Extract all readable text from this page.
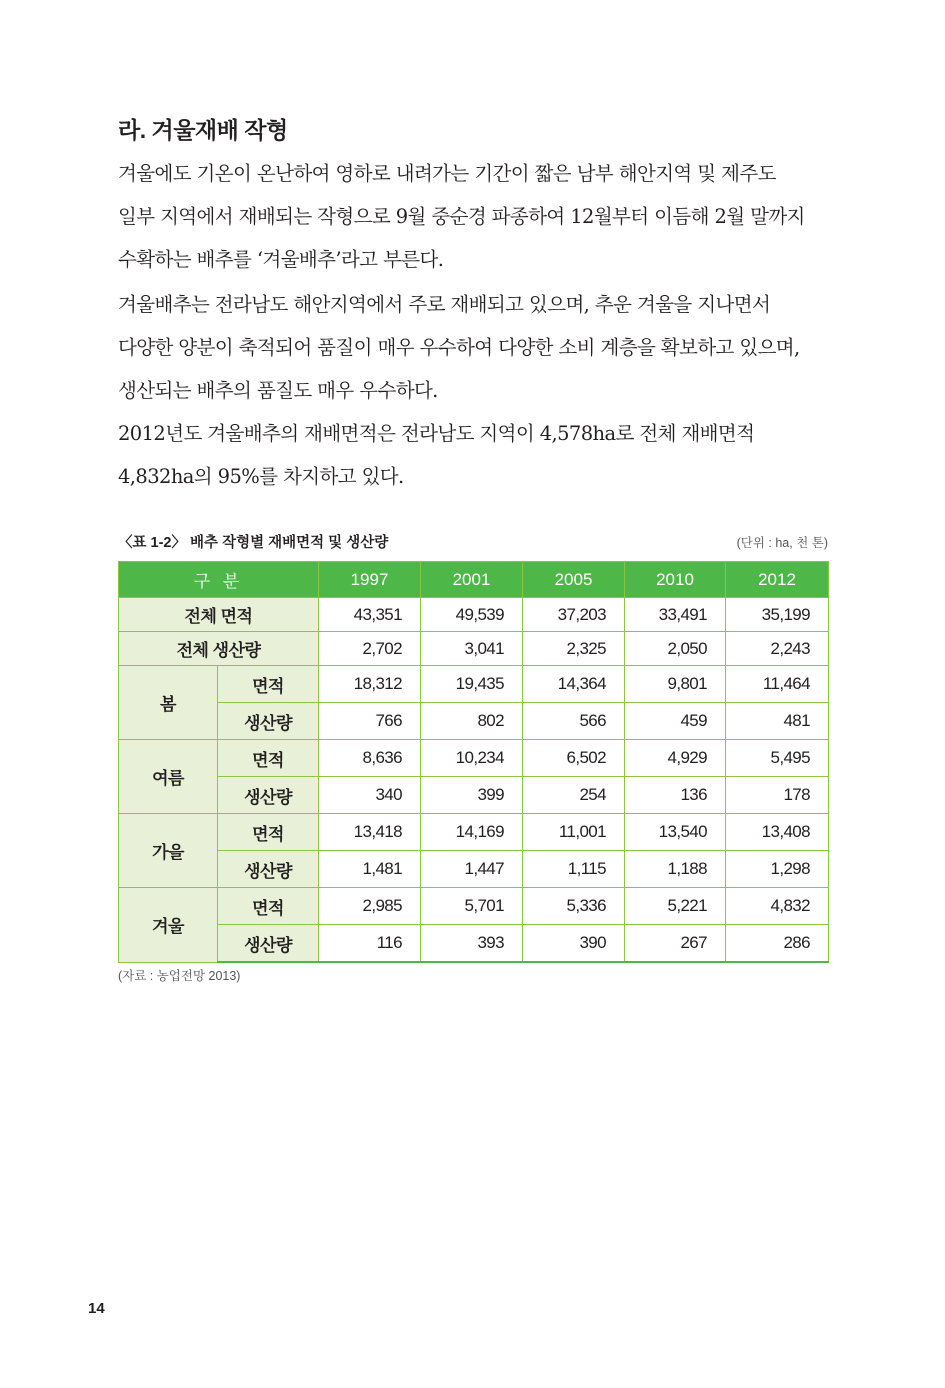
라. 겨울재배 작형
겨울에도 기온이 온난하여 영하로 내려가는 기간이 짧은 남부 해안지역 및 제주도
일부 지역에서 재배되는 작형으로 9월 중순경 파종하여 12월부터 이듬해 2월 말까지
수확하는 배추를 ‘겨울배추’라고 부른다.
겨울배추는 전라남도 해안지역에서 주로 재배되고 있으며, 추운 겨울을 지나면서
다양한 양분이 축적되어 품질이 매우 우수하여 다양한 소비 계층을 확보하고 있으며,
생산되는 배추의 품질도 매우 우수하다.
2012년도 겨울배추의 재배면적은 전라남도 지역이 4,578ha로 전체 재배면적
4,832ha의 95%를 차지하고 있다.
〈표 1-2〉 배추 작형별 재배면적 및 생산량	(단위 : ha, 천 톤)
구 분		1997	2001	2005	2010	2012
전체 면적		43,351	49,539	37,203	33,491	35,199
전체 생산량		2,702	3,041	2,325	2,050	2,243
봄	면적	18,312	19,435	14,364	9,801	11,464
	생산량	766	802	566	459	481
여름	면적	8,636	10,234	6,502	4,929	5,495
	생산량	340	399	254	136	178
가을	면적	13,418	14,169	11,001	13,540	13,408
	생산량	1,481	1,447	1,115	1,188	1,298
겨울	면적	2,985	5,701	5,336	5,221	4,832
	생산량	116	393	390	267	286
(자료 : 농업전망 2013)
14
